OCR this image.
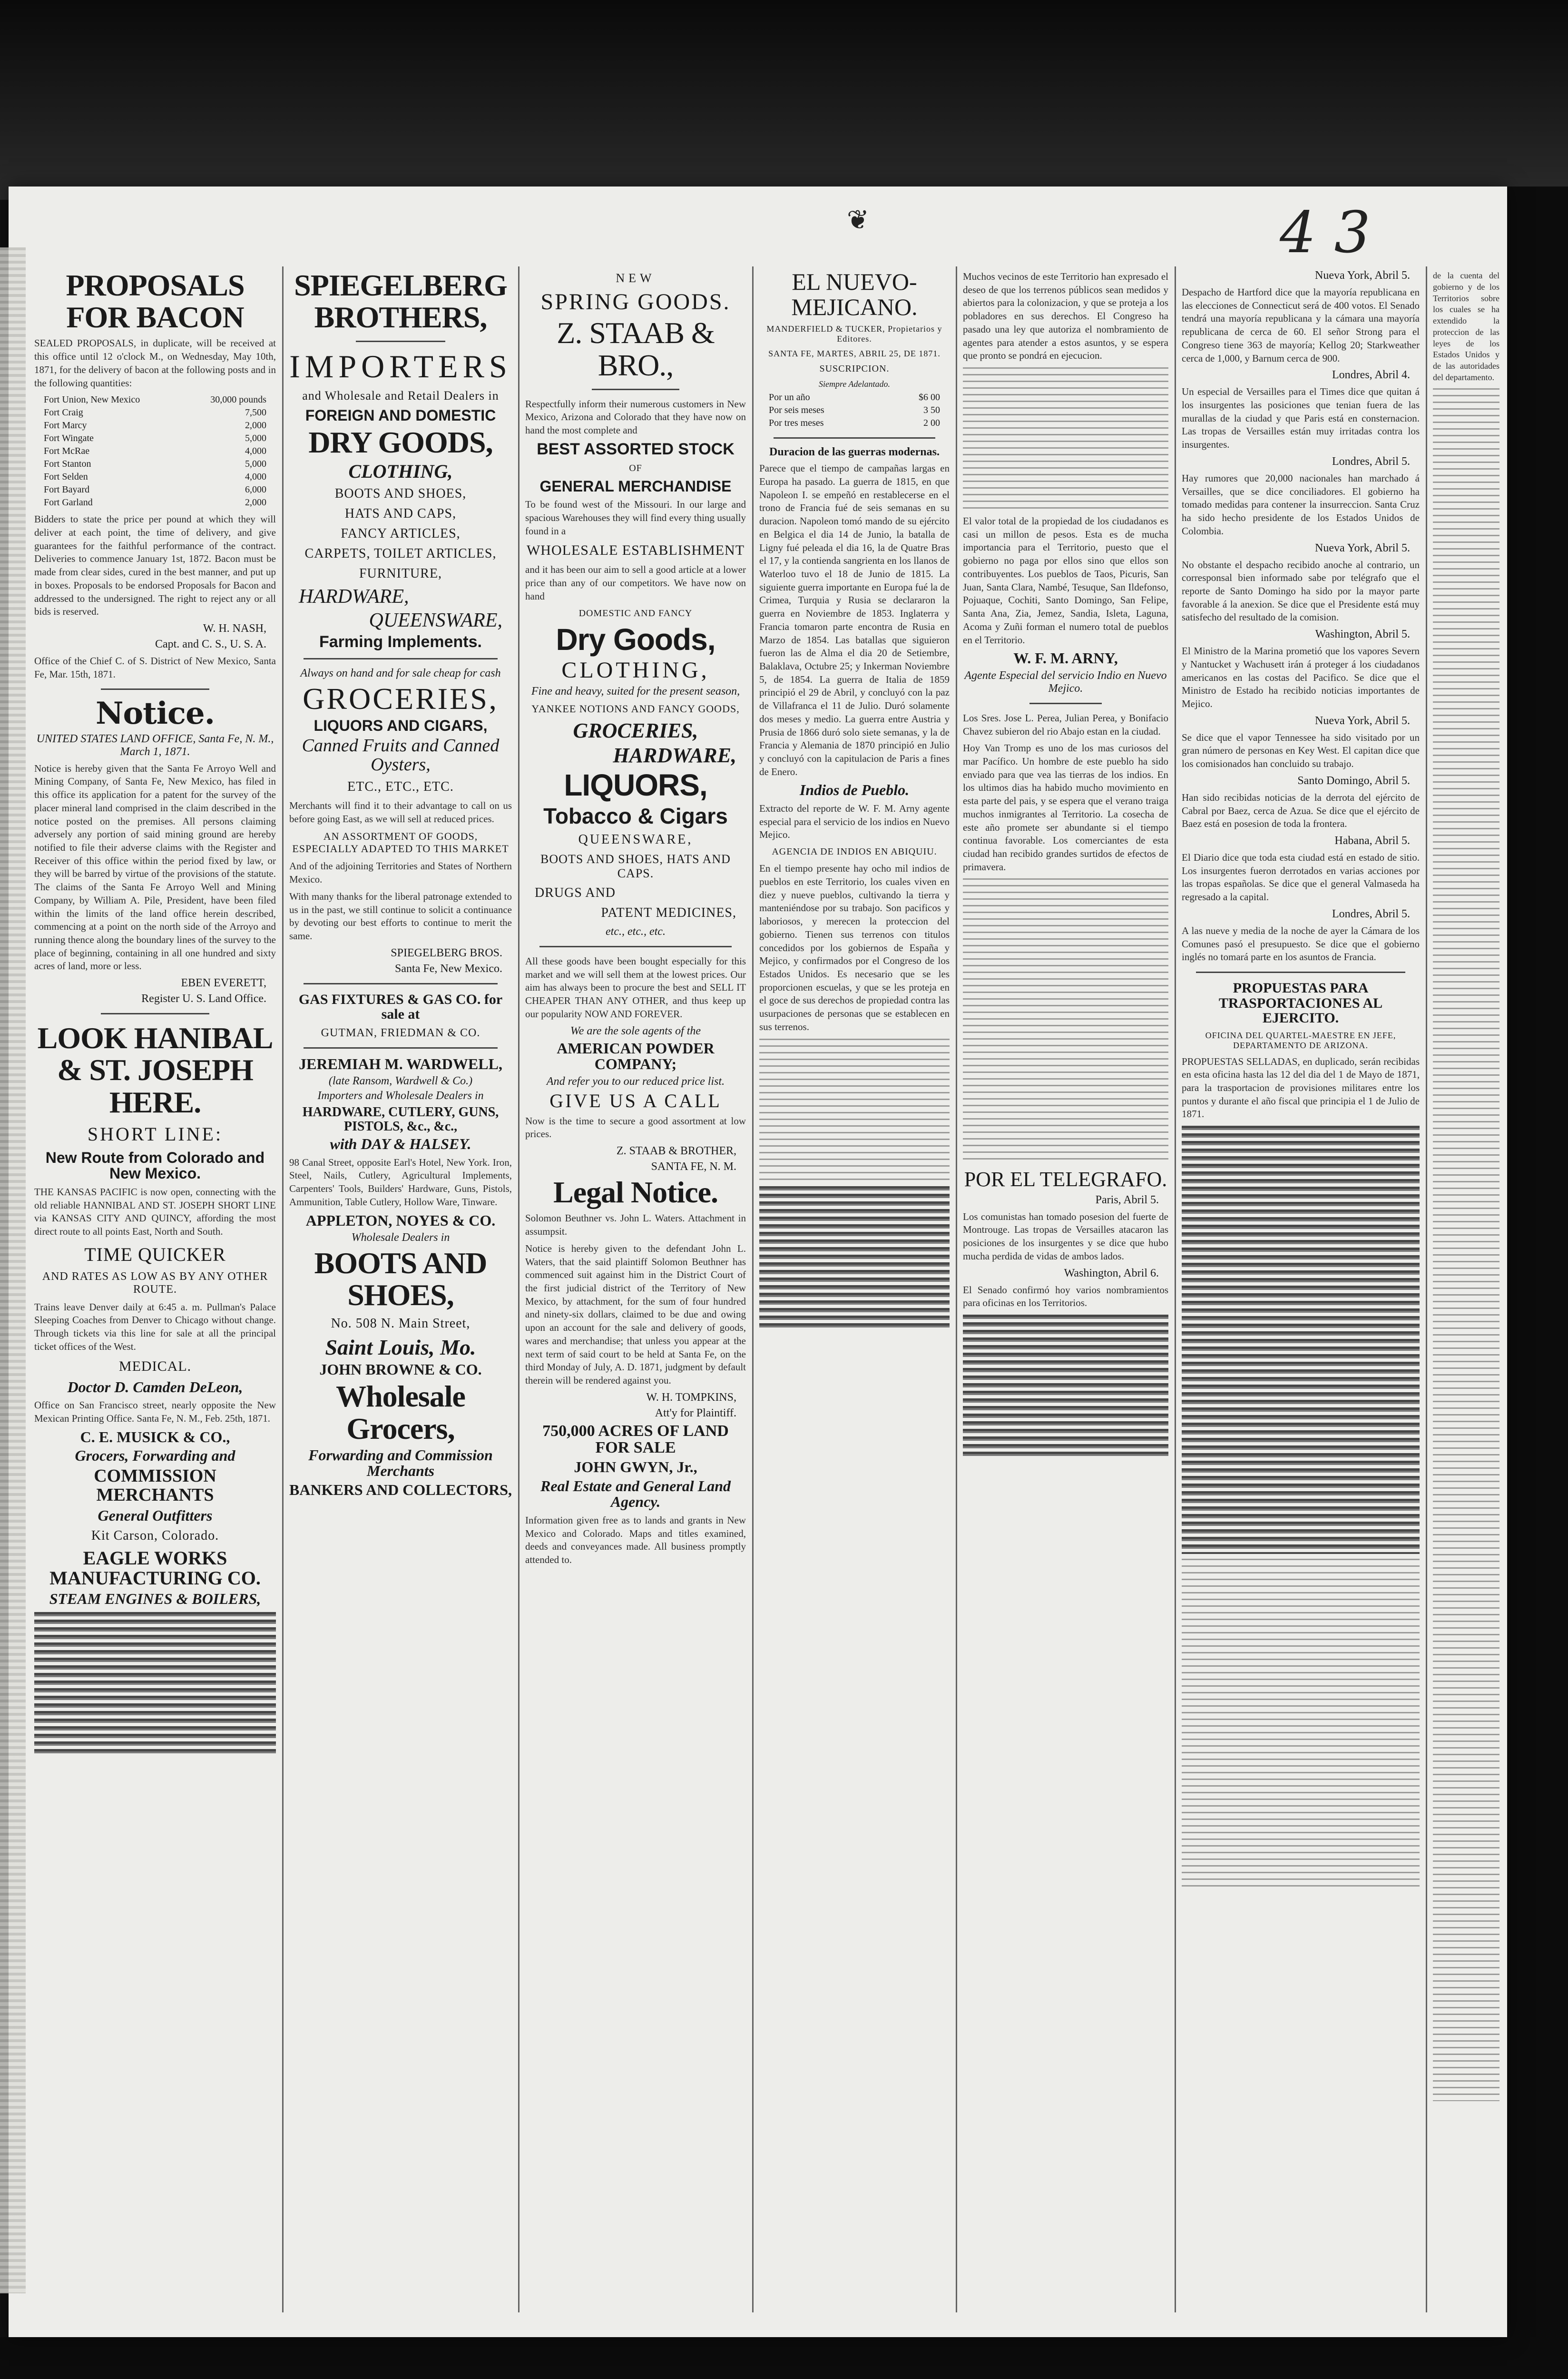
4 3
❦
PROPOSALS FOR BACON
SEALED PROPOSALS, in duplicate, will be received at this office until 12 o'clock M., on Wednesday, May 10th, 1871, for the delivery of bacon at the following posts and in the following quantities:
Fort Union, New Mexico	30,000 pounds
Fort Craig	7,500
Fort Marcy	2,000
Fort Wingate	5,000
Fort McRae	4,000
Fort Stanton	5,000
Fort Selden	4,000
Fort Bayard	6,000
Fort Garland	2,000
Bidders to state the price per pound at which they will deliver at each point, the time of delivery, and give guarantees for the faithful performance of the contract. Deliveries to commence January 1st, 1872. Bacon must be made from clear sides, cured in the best manner, and put up in boxes. Proposals to be endorsed Proposals for Bacon and addressed to the undersigned. The right to reject any or all bids is reserved.
W. H. NASH,
Capt. and C. S., U. S. A.
Office of the Chief C. of S. District of New Mexico, Santa Fe, Mar. 15th, 1871.
Notice.
UNITED STATES LAND OFFICE, Santa Fe, N. M., March 1, 1871.
Notice is hereby given that the Santa Fe Arroyo Well and Mining Company, of Santa Fe, New Mexico, has filed in this office its application for a patent for the survey of the placer mineral land comprised in the claim described in the notice posted on the premises. All persons claiming adversely any portion of said mining ground are hereby notified to file their adverse claims with the Register and Receiver of this office within the period fixed by law, or they will be barred by virtue of the provisions of the statute. The claims of the Santa Fe Arroyo Well and Mining Company, by William A. Pile, President, have been filed within the limits of the land office herein described, commencing at a point on the north side of the Arroyo and running thence along the boundary lines of the survey to the place of beginning, containing in all one hundred and sixty acres of land, more or less.
EBEN EVERETT,
Register U. S. Land Office.
LOOK HANIBAL & ST. JOSEPH HERE.
SHORT LINE:
New Route from Colorado and New Mexico.
THE KANSAS PACIFIC is now open, connecting with the old reliable HANNIBAL AND ST. JOSEPH SHORT LINE via KANSAS CITY AND QUINCY, affording the most direct route to all points East, North and South.
TIME QUICKER
AND RATES AS LOW AS BY ANY OTHER ROUTE.
Trains leave Denver daily at 6:45 a. m. Pullman's Palace Sleeping Coaches from Denver to Chicago without change. Through tickets via this line for sale at all the principal ticket offices of the West.
MEDICAL.
Doctor D. Camden DeLeon,
Office on San Francisco street, nearly opposite the New Mexican Printing Office. Santa Fe, N. M., Feb. 25th, 1871.
C. E. MUSICK & CO.,
Grocers, Forwarding and
COMMISSION MERCHANTS
General Outfitters
Kit Carson, Colorado.
EAGLE WORKS MANUFACTURING CO.
STEAM ENGINES & BOILERS,
SPIEGELBERG BROTHERS,
IMPORTERS
and Wholesale and Retail Dealers in
FOREIGN AND DOMESTIC
DRY GOODS,
CLOTHING,
BOOTS AND SHOES,
HATS AND CAPS,
FANCY ARTICLES,
CARPETS, TOILET ARTICLES,
FURNITURE,
HARDWARE,
QUEENSWARE,
Farming Implements.
Always on hand and for sale cheap for cash
GROCERIES,
LIQUORS AND CIGARS,
Canned Fruits and Canned Oysters,
ETC., ETC., ETC.
Merchants will find it to their advantage to call on us before going East, as we will sell at reduced prices.
AN ASSORTMENT OF GOODS, ESPECIALLY ADAPTED TO THIS MARKET
And of the adjoining Territories and States of Northern Mexico.
With many thanks for the liberal patronage extended to us in the past, we still continue to solicit a continuance by devoting our best efforts to continue to merit the same.
SPIEGELBERG BROS.
Santa Fe, New Mexico.
GAS FIXTURES & GAS CO. for sale at
GUTMAN, FRIEDMAN & CO.
JEREMIAH M. WARDWELL,
(late Ransom, Wardwell & Co.)
Importers and Wholesale Dealers in
HARDWARE, CUTLERY, GUNS, PISTOLS, &c., &c.,
with DAY & HALSEY.
98 Canal Street, opposite Earl's Hotel, New York. Iron, Steel, Nails, Cutlery, Agricultural Implements, Carpenters' Tools, Builders' Hardware, Guns, Pistols, Ammunition, Table Cutlery, Hollow Ware, Tinware.
APPLETON, NOYES & CO.
Wholesale Dealers in
BOOTS AND SHOES,
No. 508 N. Main Street,
Saint Louis, Mo.
JOHN BROWNE & CO.
Wholesale Grocers,
Forwarding and Commission Merchants
BANKERS AND COLLECTORS,
NEW
SPRING GOODS.
Z. STAAB & BRO.,
Respectfully inform their numerous customers in New Mexico, Arizona and Colorado that they have now on hand the most complete and
BEST ASSORTED STOCK
OF
GENERAL MERCHANDISE
To be found west of the Missouri. In our large and spacious Warehouses they will find every thing usually found in a
WHOLESALE ESTABLISHMENT
and it has been our aim to sell a good article at a lower price than any of our competitors. We have now on hand
DOMESTIC AND FANCY
Dry Goods,
CLOTHING,
Fine and heavy, suited for the present season,
YANKEE NOTIONS AND FANCY GOODS,
GROCERIES,
HARDWARE,
LIQUORS,
Tobacco & Cigars
QUEENSWARE,
BOOTS AND SHOES, HATS AND CAPS.
DRUGS AND
PATENT MEDICINES,
etc., etc., etc.
All these goods have been bought especially for this market and we will sell them at the lowest prices. Our aim has always been to procure the best and SELL IT CHEAPER THAN ANY OTHER, and thus keep up our popularity NOW AND FOREVER.
We are the sole agents of the
AMERICAN POWDER COMPANY;
And refer you to our reduced price list.
GIVE US A CALL
Now is the time to secure a good assortment at low prices.
Z. STAAB & BROTHER,
SANTA FE, N. M.
Legal Notice.
Solomon Beuthner vs. John L. Waters. Attachment in assumpsit.
Notice is hereby given to the defendant John L. Waters, that the said plaintiff Solomon Beuthner has commenced suit against him in the District Court of the first judicial district of the Territory of New Mexico, by attachment, for the sum of four hundred and ninety-six dollars, claimed to be due and owing upon an account for the sale and delivery of goods, wares and merchandise; that unless you appear at the next term of said court to be held at Santa Fe, on the third Monday of July, A. D. 1871, judgment by default therein will be rendered against you.
W. H. TOMPKINS,
Att'y for Plaintiff.
750,000 ACRES OF LAND FOR SALE
JOHN GWYN, Jr.,
Real Estate and General Land Agency.
Information given free as to lands and grants in New Mexico and Colorado. Maps and titles examined, deeds and conveyances made. All business promptly attended to.
EL NUEVO-MEJICANO.
MANDERFIELD & TUCKER, Propietarios y Editores.
SANTA FE, MARTES, ABRIL 25, DE 1871.
SUSCRIPCION.
Siempre Adelantado.
Por un año	$6 00
Por seis meses	3 50
Por tres meses	2 00
Duracion de las guerras modernas.
Parece que el tiempo de campañas largas en Europa ha pasado. La guerra de 1815, en que Napoleon I. se empeñó en restablecerse en el trono de Francia fué de seis semanas en su duracion. Napoleon tomó mando de su ejército en Belgica el dia 14 de Junio, la batalla de Ligny fué peleada el dia 16, la de Quatre Bras el 17, y la contienda sangrienta en los llanos de Waterloo tuvo el 18 de Junio de 1815. La siguiente guerra importante en Europa fué la de Crimea, Turquia y Rusia se declararon la guerra en Noviembre de 1853. Inglaterra y Francia tomaron parte encontra de Rusia en Marzo de 1854. Las batallas que siguieron fueron las de Alma el dia 20 de Setiembre, Balaklava, Octubre 25; y Inkerman Noviembre 5, de 1854. La guerra de Italia de 1859 principió el 29 de Abril, y concluyó con la paz de Villafranca el 11 de Julio. Duró solamente dos meses y medio. La guerra entre Austria y Prusia de 1866 duró solo siete semanas, y la de Francia y Alemania de 1870 principió en Julio y concluyó con la capitulacion de Paris a fines de Enero.
Indios de Pueblo.
Extracto del reporte de W. F. M. Arny agente especial para el servicio de los indios en Nuevo Mejico.
AGENCIA DE INDIOS EN ABIQUIU.
En el tiempo presente hay ocho mil indios de pueblos en este Territorio, los cuales viven en diez y nueve pueblos, cultivando la tierra y manteniéndose por su trabajo. Son pacificos y laboriosos, y merecen la proteccion del gobierno. Tienen sus terrenos con titulos concedidos por los gobiernos de España y Mejico, y confirmados por el Congreso de los Estados Unidos. Es necesario que se les proporcionen escuelas, y que se les proteja en el goce de sus derechos de propiedad contra las usurpaciones de personas que se establecen en sus terrenos.
Muchos vecinos de este Territorio han expresado el deseo de que los terrenos públicos sean medidos y abiertos para la colonizacion, y que se proteja a los pobladores en sus derechos. El Congreso ha pasado una ley que autoriza el nombramiento de agentes para atender a estos asuntos, y se espera que pronto se pondrá en ejecucion.
El valor total de la propiedad de los ciudadanos es casi un millon de pesos. Esta es de mucha importancia para el Territorio, puesto que el gobierno no paga por ellos sino que ellos son contribuyentes. Los pueblos de Taos, Picuris, San Juan, Santa Clara, Nambé, Tesuque, San Ildefonso, Pojuaque, Cochiti, Santo Domingo, San Felipe, Santa Ana, Zia, Jemez, Sandia, Isleta, Laguna, Acoma y Zuñi forman el numero total de pueblos en el Territorio.
W. F. M. ARNY,
Agente Especial del servicio Indio en Nuevo Mejico.
Los Sres. Jose L. Perea, Julian Perea, y Bonifacio Chavez subieron del rio Abajo estan en la ciudad.
Hoy Van Tromp es uno de los mas curiosos del mar Pacífico. Un hombre de este pueblo ha sido enviado para que vea las tierras de los indios. En los ultimos dias ha habido mucho movimiento en esta parte del pais, y se espera que el verano traiga muchos inmigrantes al Territorio. La cosecha de este año promete ser abundante si el tiempo continua favorable. Los comerciantes de esta ciudad han recibido grandes surtidos de efectos de primavera.
POR EL TELEGRAFO.
Paris, Abril 5.
Los comunistas han tomado posesion del fuerte de Montrouge. Las tropas de Versailles atacaron las posiciones de los insurgentes y se dice que hubo mucha perdida de vidas de ambos lados.
Washington, Abril 6.
El Senado confirmó hoy varios nombramientos para oficinas en los Territorios.
Nueva York, Abril 5.
Despacho de Hartford dice que la mayoría republicana en las elecciones de Connecticut será de 400 votos. El Senado tendrá una mayoría republicana y la cámara una mayoría republicana de cerca de 60. El señor Strong para el Congreso tiene 363 de mayoría; Kellog 20; Starkweather cerca de 1,000, y Barnum cerca de 900.
Londres, Abril 4.
Un especial de Versailles para el Times dice que quitan á los insurgentes las posiciones que tenian fuera de las murallas de la ciudad y que Paris está en consternacion. Las tropas de Versailles están muy irritadas contra los insurgentes.
Londres, Abril 5.
Hay rumores que 20,000 nacionales han marchado á Versailles, que se dice conciliadores. El gobierno ha tomado medidas para contener la insurreccion. Santa Cruz ha sido hecho presidente de los Estados Unidos de Colombia.
Nueva York, Abril 5.
No obstante el despacho recibido anoche al contrario, un corresponsal bien informado sabe por telégrafo que el reporte de Santo Domingo ha sido por la mayor parte favorable á la anexion. Se dice que el Presidente está muy satisfecho del resultado de la comision.
Washington, Abril 5.
El Ministro de la Marina prometió que los vapores Severn y Nantucket y Wachusett irán á proteger á los ciudadanos americanos en las costas del Pacifico. Se dice que el Ministro de Estado ha recibido noticias importantes de Mejico.
Nueva York, Abril 5.
Se dice que el vapor Tennessee ha sido visitado por un gran número de personas en Key West. El capitan dice que los comisionados han concluido su trabajo.
Santo Domingo, Abril 5.
Han sido recibidas noticias de la derrota del ejército de Cabral por Baez, cerca de Azua. Se dice que el ejército de Baez está en posesion de toda la frontera.
Habana, Abril 5.
El Diario dice que toda esta ciudad está en estado de sitio. Los insurgentes fueron derrotados en varias acciones por las tropas españolas. Se dice que el general Valmaseda ha regresado a la capital.
Londres, Abril 5.
A las nueve y media de la noche de ayer la Cámara de los Comunes pasó el presupuesto. Se dice que el gobierno inglés no tomará parte en los asuntos de Francia.
PROPUESTAS PARA TRASPORTACIONES AL EJERCITO.
OFICINA DEL QUARTEL-MAESTRE EN JEFE, DEPARTAMENTO DE ARIZONA.
PROPUESTAS SELLADAS, en duplicado, serán recibidas en esta oficina hasta las 12 del dia del 1 de Mayo de 1871, para la trasportacion de provisiones militares entre los puntos y durante el año fiscal que principia el 1 de Julio de 1871.
de la cuenta del gobierno y de los Territorios sobre los cuales se ha extendido la proteccion de las leyes de los Estados Unidos y de las autoridades del departamento.
